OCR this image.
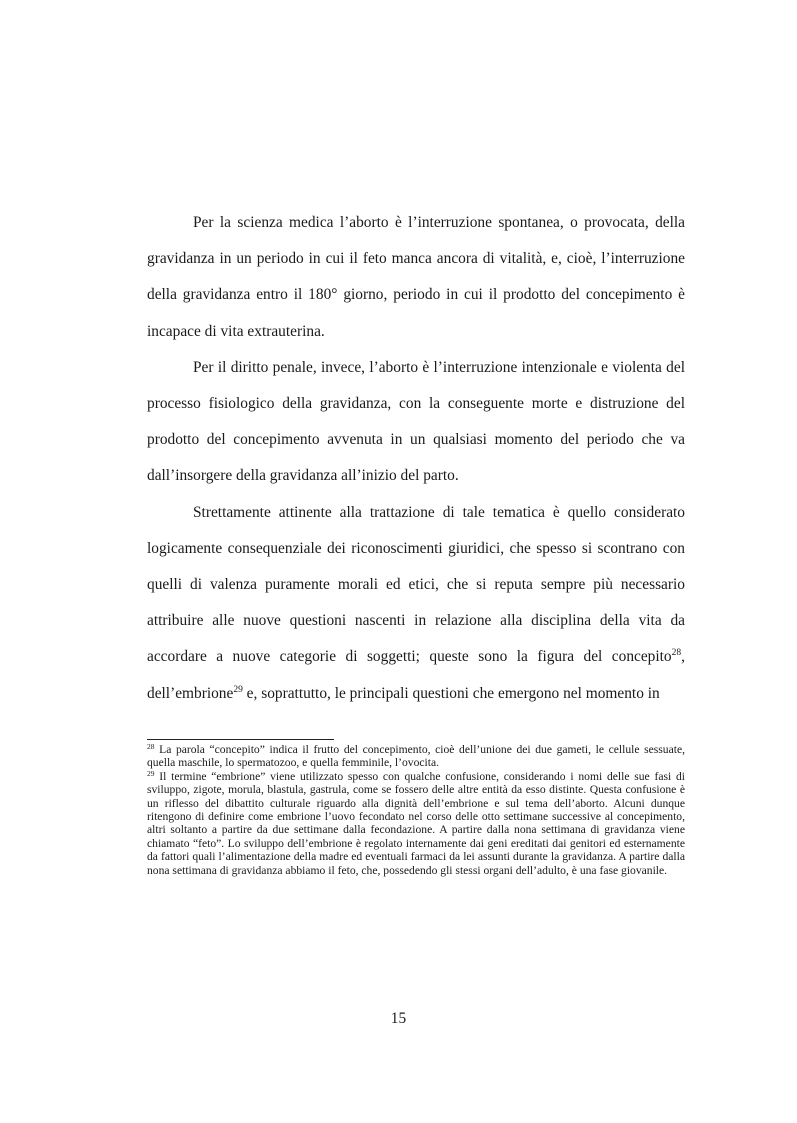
Per la scienza medica l’aborto è l’interruzione spontanea, o provocata, della gravidanza in un periodo in cui il feto manca ancora di vitalità, e, cioè, l’interruzione della gravidanza entro il 180° giorno, periodo in cui il prodotto del concepimento è incapace di vita extrauterina.

Per il diritto penale, invece, l’aborto è l’interruzione intenzionale e violenta del processo fisiologico della gravidanza, con la conseguente morte e distruzione del prodotto del concepimento avvenuta in un qualsiasi momento del periodo che va dall’insorgere della gravidanza all’inizio del parto.

Strettamente attinente alla trattazione di tale tematica è quello considerato logicamente consequenziale dei riconoscimenti giuridici, che spesso si scontrano con quelli di valenza puramente morali ed etici, che si reputa sempre più necessario attribuire alle nuove questioni nascenti in relazione alla disciplina della vita da accordare a nuove categorie di soggetti; queste sono la figura del concepito$^{28}$, dell’embrione$^{29}$ e, soprattutto, le principali questioni che emergono nel momento in

$^{28}$ La parola “concepito” indica il frutto del concepimento, cioè dell’unione dei due gameti, le cellule sessuate, quella maschile, lo spermatozoo, e quella femminile, l’ovocita.

$^{29}$ Il termine “embrione” viene utilizzato spesso con qualche confusione, considerando i nomi delle sue fasi di sviluppo, zigote, morula, blastula, gastrula, come se fossero delle altre entità da esso distinte. Questa confusione è un riflesso del dibattito culturale riguardo alla dignità dell’embrione e sul tema dell’aborto. Alcuni dunque ritengono di definire come embrione l’uovo fecondato nel corso delle otto settimane successive al concepimento, altri soltanto a partire da due settimane dalla fecondazione. A partire dalla nona settimana di gravidanza viene chiamato “feto”. Lo sviluppo dell’embrione è regolato internamente dai geni ereditati dai genitori ed esternamente da fattori quali l’alimentazione della madre ed eventuali farmaci da lei assunti durante la gravidanza. A partire dalla nona settimana di gravidanza abbiamo il feto, che, possedendo gli stessi organi dell’adulto, è una fase giovanile.

15
